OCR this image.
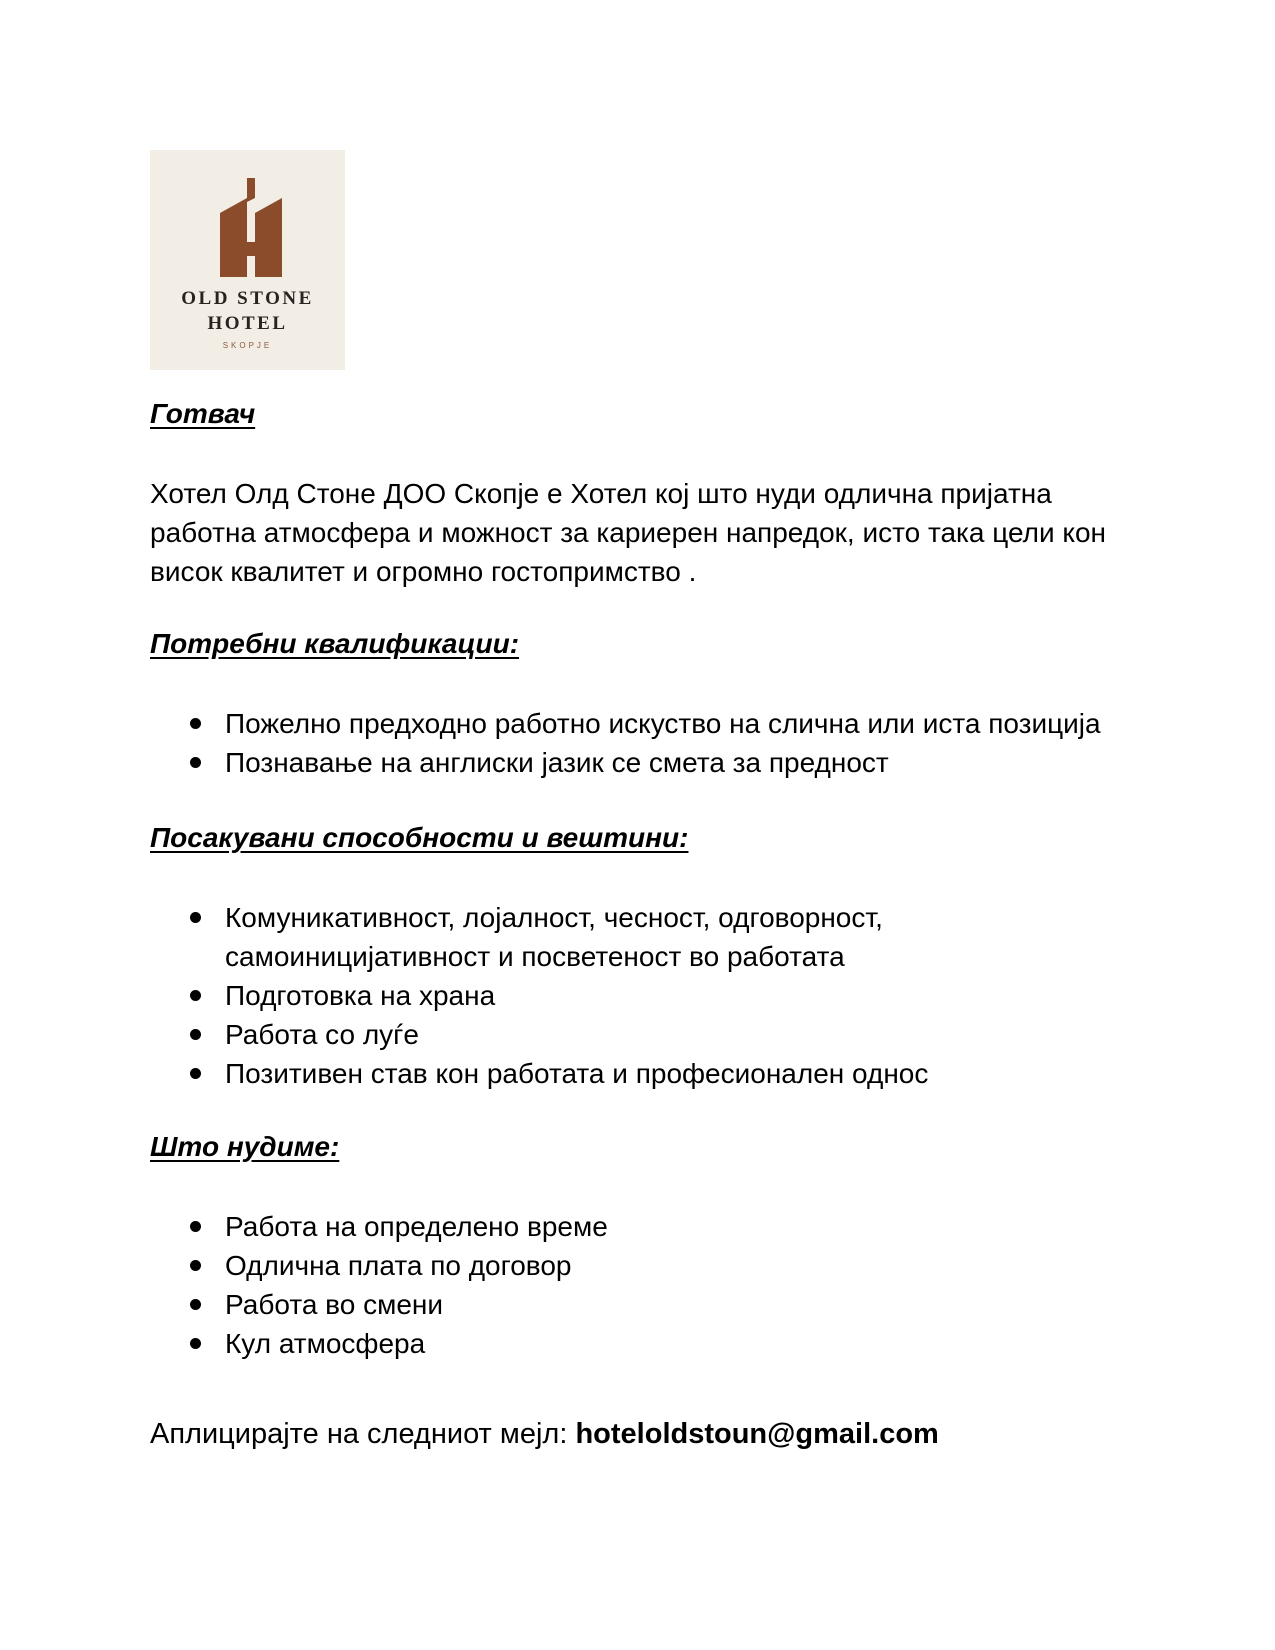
OLD STONE
HOTEL
SKOPJE
Готвач
Хотел Олд Стоне ДОО Скопје е Хотел кој што нуди одлична пријатна
работна атмосфера и можност за кариерен напредок, исто така цели кон
висок квалитет и огромно гостопримство .
Потребни квалификации:
Пожелно предходно работно искуство на слична или иста позиција
Познавање на англиски јазик се смета за предност
Посакувани способности и вештини:
Комуникативност, лојалност, чесност, одговорност,
самоиницијативност и посветеност во работата
Подготовка на храна
Работа со луѓе
Позитивен став кон работата и професионален однос
Што нудиме:
Работа на определено време
Одлична плата по договор
Работа во смени
Кул атмосфера
Аплицирајте на следниот мејл: hoteloldstoun@gmail.com
